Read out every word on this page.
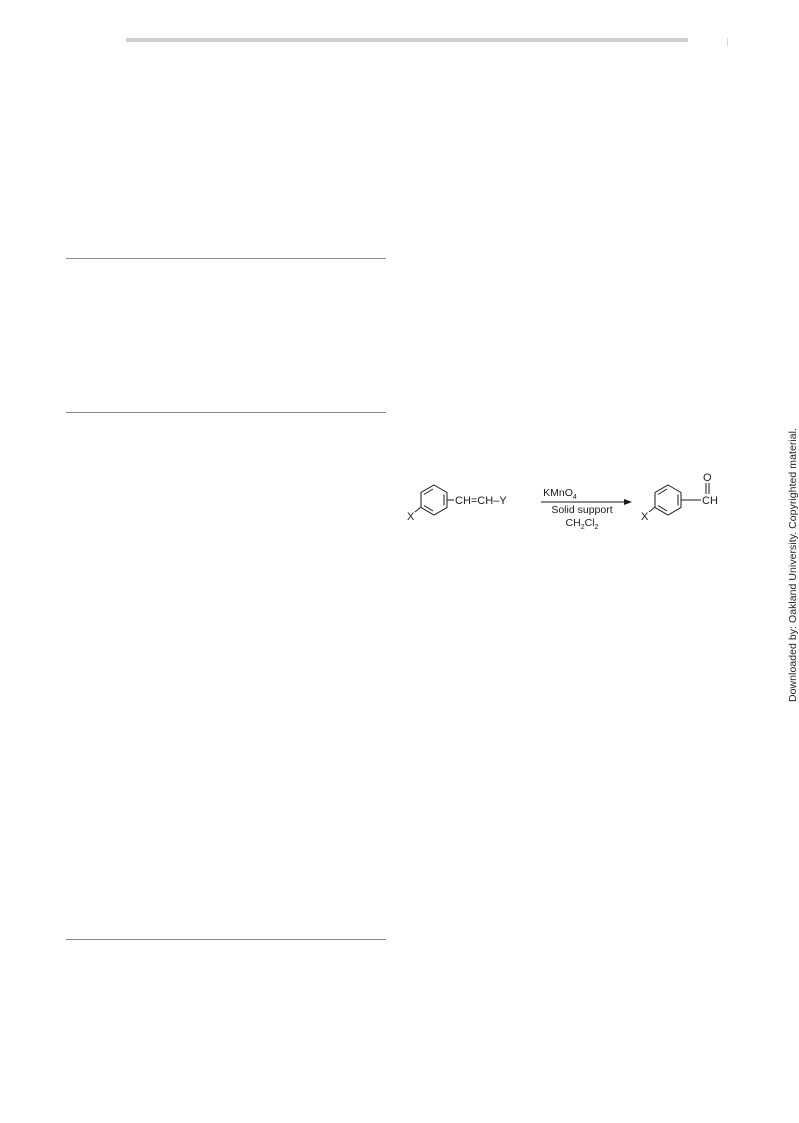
X
CH=CH–Y
KMnO$_4$
Solid support
$CH_2Cl_2$
X
O
CH	Downloaded by: Oakland University. Copyrighted material.
